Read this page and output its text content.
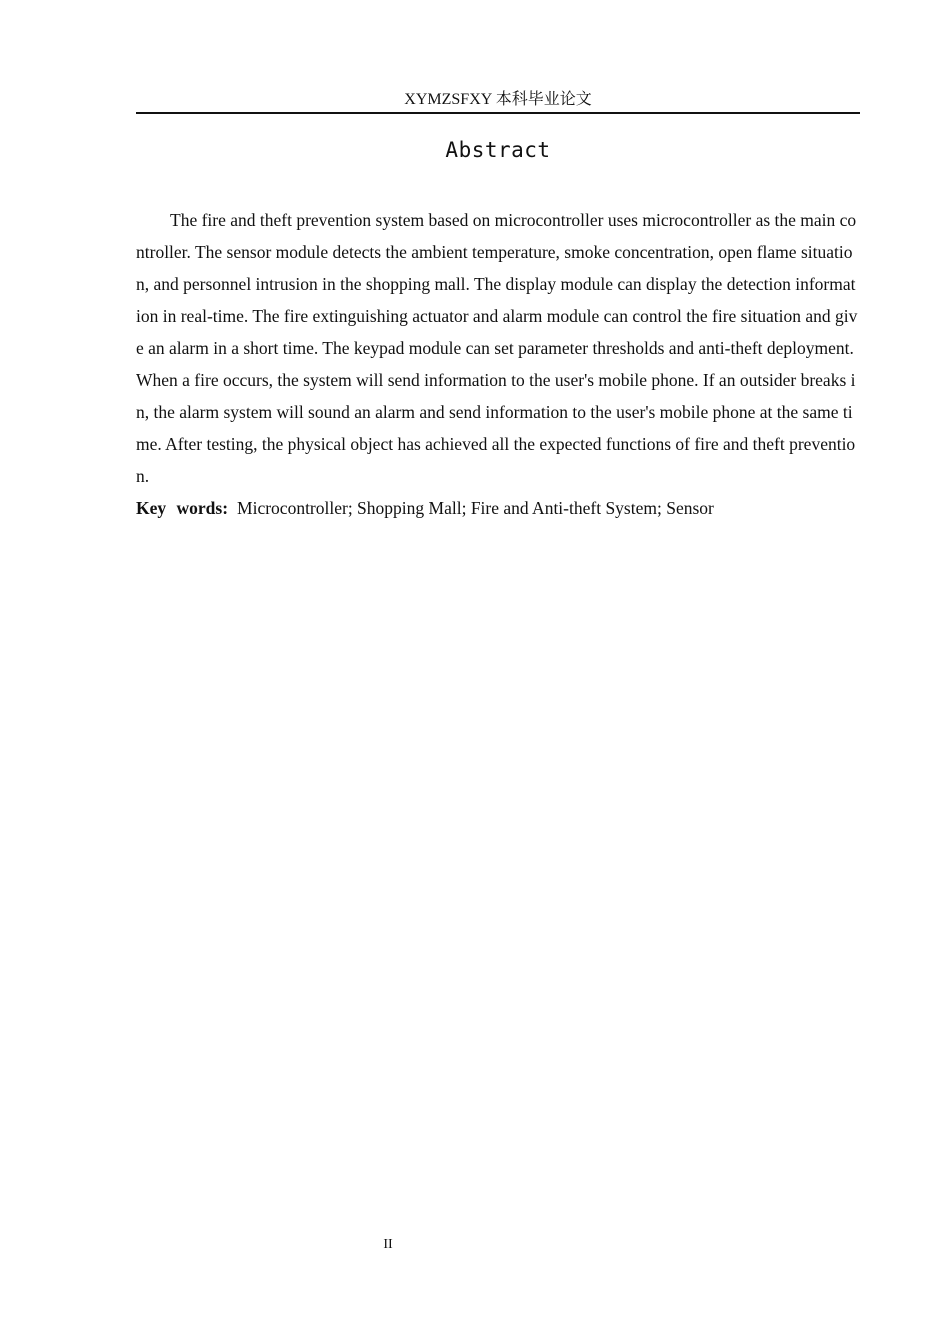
XYMZSFXY 本科毕业论文
Abstract

The fire and theft prevention system based on microcontroller uses microcontroller as the main controller. The sensor module detects the ambient temperature, smoke concentration, open flame situation, and personnel intrusion in the shopping mall. The display module can display the detection information in real-time. The fire extinguishing actuator and alarm module can control the fire situation and give an alarm in a short time. The keypad module can set parameter thresholds and anti-theft deployment. When a fire occurs, the system will send information to the user's mobile phone. If an outsider breaks in, the alarm system will sound an alarm and send information to the user's mobile phone at the same time. After testing, the physical object has achieved all the expected functions of fire and theft prevention.

Key words: Microcontroller; Shopping Mall; Fire and Anti-theft System; Sensor

II
